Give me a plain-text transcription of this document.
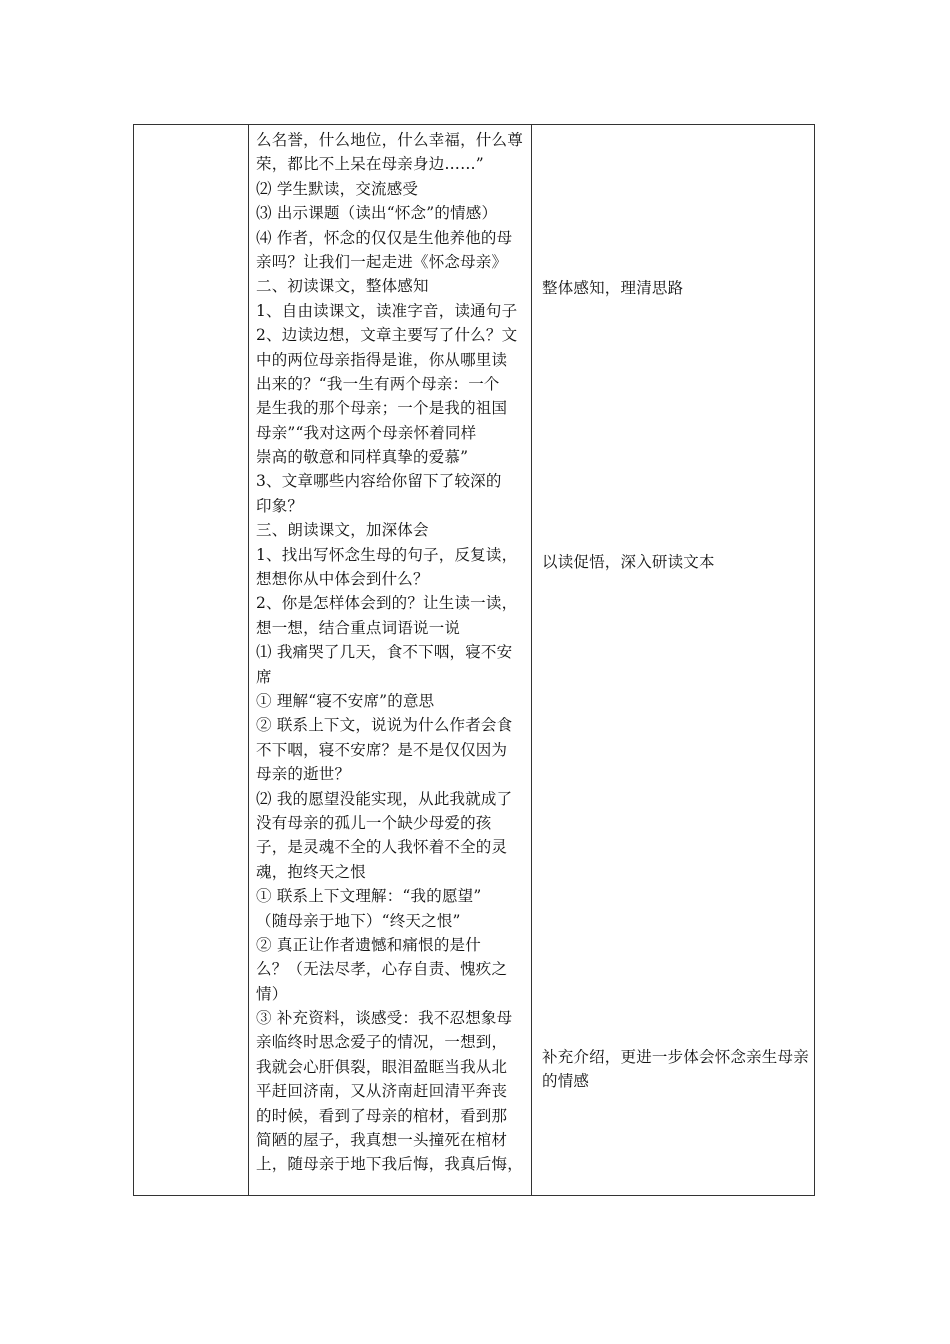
么名誉，什么地位，什么幸福，什么尊
荣，都比不上呆在母亲身边……”
⑵ 学生默读，交流感受
⑶ 出示课题（读出“怀念”的情感）
⑷ 作者，怀念的仅仅是生他养他的母
亲吗？让我们一起走进《怀念母亲》
二、初读课文，整体感知
1、自由读课文，读准字音，读通句子
2、边读边想，文章主要写了什么？文
中的两位母亲指得是谁，你从哪里读
出来的？“我一生有两个母亲：一个
是生我的那个母亲；一个是我的祖国
母亲”“我对这两个母亲怀着同样
崇高的敬意和同样真挚的爱慕”
3、文章哪些内容给你留下了较深的
印象？
三、朗读课文，加深体会
1、找出写怀念生母的句子，反复读，
想想你从中体会到什么？
2、你是怎样体会到的？让生读一读，
想一想，结合重点词语说一说
⑴ 我痛哭了几天，食不下咽，寝不安
席
① 理解“寝不安席”的意思
② 联系上下文，说说为什么作者会食
不下咽，寝不安席？是不是仅仅因为
母亲的逝世？
⑵ 我的愿望没能实现，从此我就成了
没有母亲的孤儿一个缺少母爱的孩
子，是灵魂不全的人我怀着不全的灵
魂，抱终天之恨
① 联系上下文理解：“我的愿望”
（随母亲于地下）“终天之恨”
② 真正让作者遗憾和痛恨的是什
么？（无法尽孝，心存自责、愧疚之
情）
③ 补充资料，谈感受：我不忍想象母
亲临终时思念爱子的情况，一想到，
我就会心肝俱裂，眼泪盈眶当我从北
平赶回济南，又从济南赶回清平奔丧
的时候，看到了母亲的棺材，看到那
简陋的屋子，我真想一头撞死在棺材
上，随母亲于地下我后悔，我真后悔，
整体感知，理清思路
以读促悟，深入研读文本
补充介绍，更进一步体会怀念亲生母亲的情感
